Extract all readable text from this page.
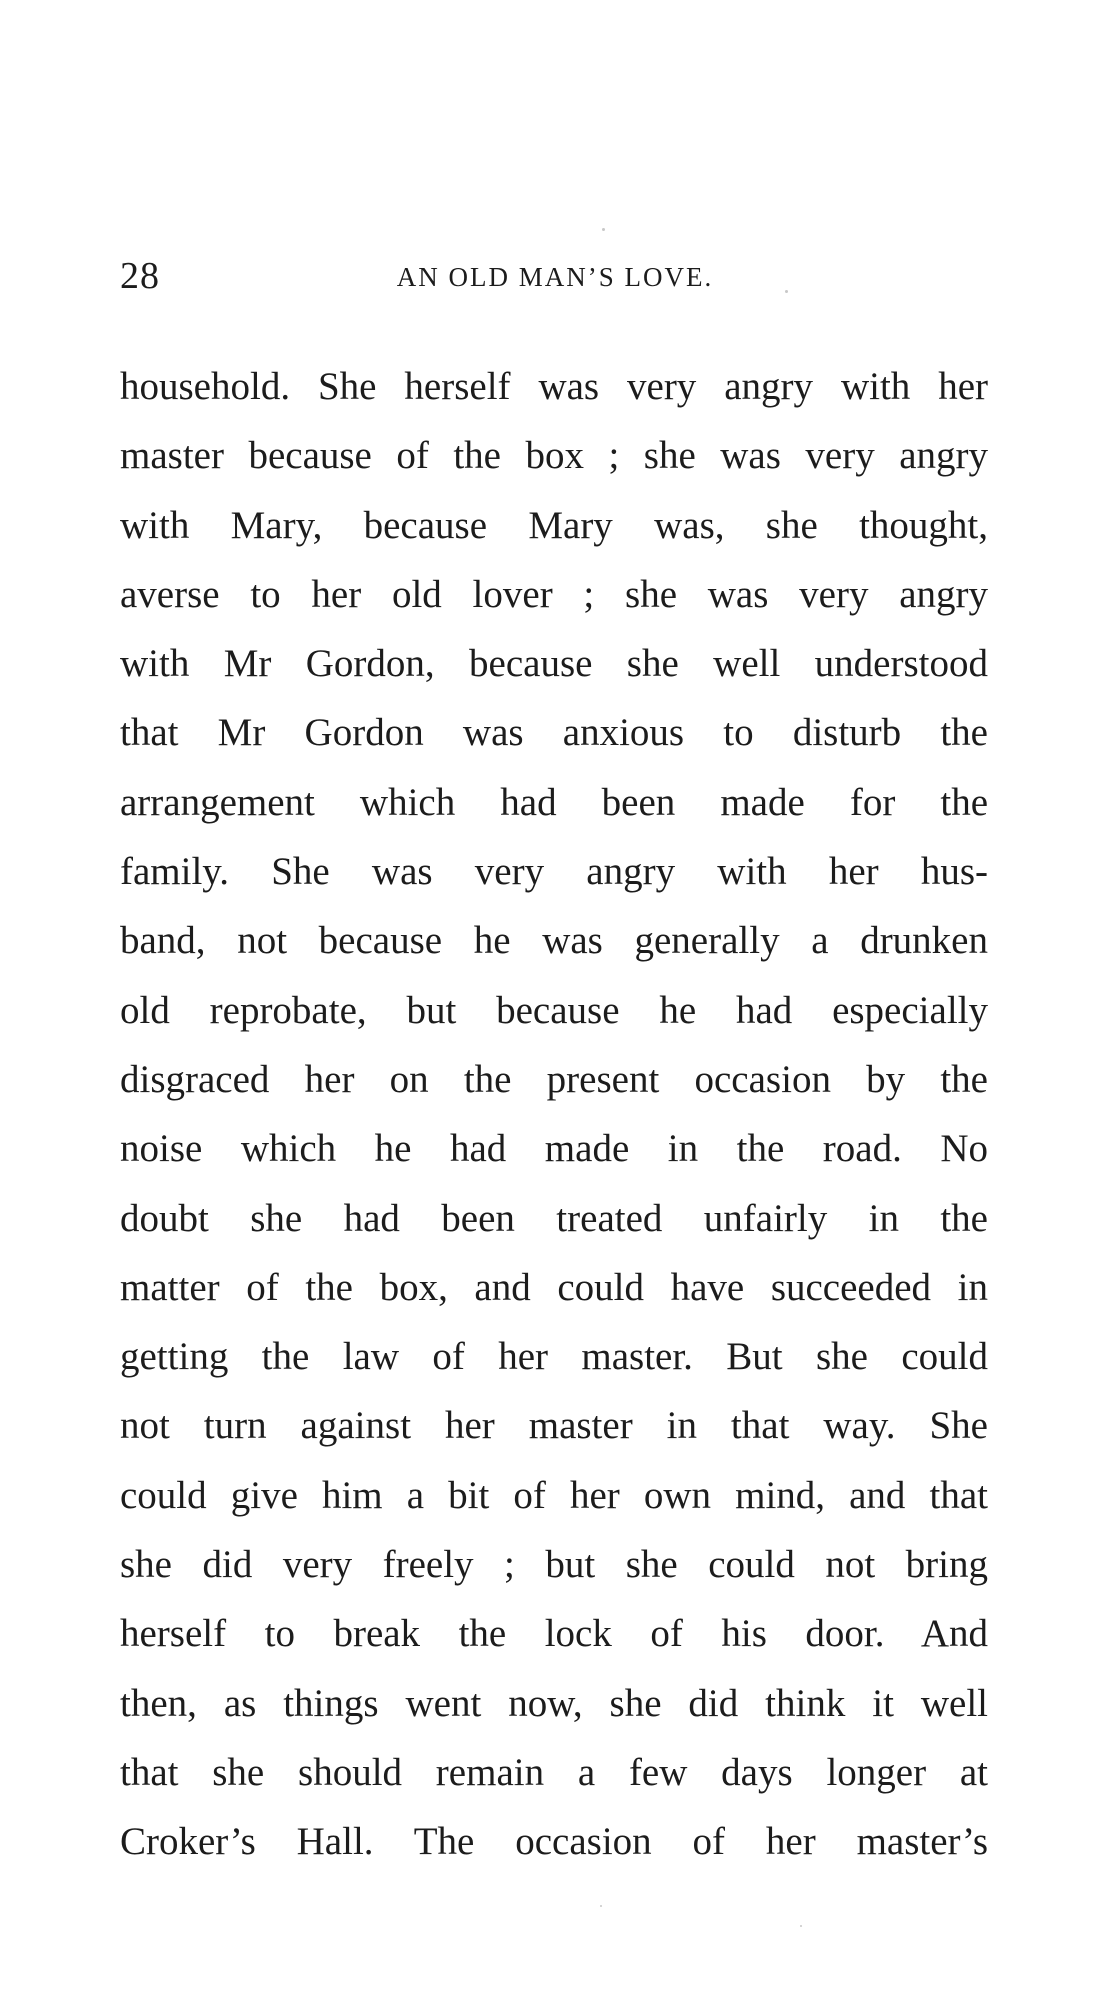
28	AN OLD MAN’S LOVE.
household. She herself was very angry with her
master because of the box ; she was very angry
with Mary, because Mary was, she thought,
averse to her old lover ; she was very angry
with Mr Gordon, because she well understood
that Mr Gordon was anxious to disturb the
arrangement which had been made for the
family. She was very angry with her hus-
band, not because he was generally a drunken
old reprobate, but because he had especially
disgraced her on the present occasion by the
noise which he had made in the road. No
doubt she had been treated unfairly in the
matter of the box, and could have succeeded in
getting the law of her master. But she could
not turn against her master in that way. She
could give him a bit of her own mind, and that
she did very freely ; but she could not bring
herself to break the lock of his door. And
then, as things went now, she did think it well
that she should remain a few days longer at
Croker’s Hall. The occasion of her master’s
